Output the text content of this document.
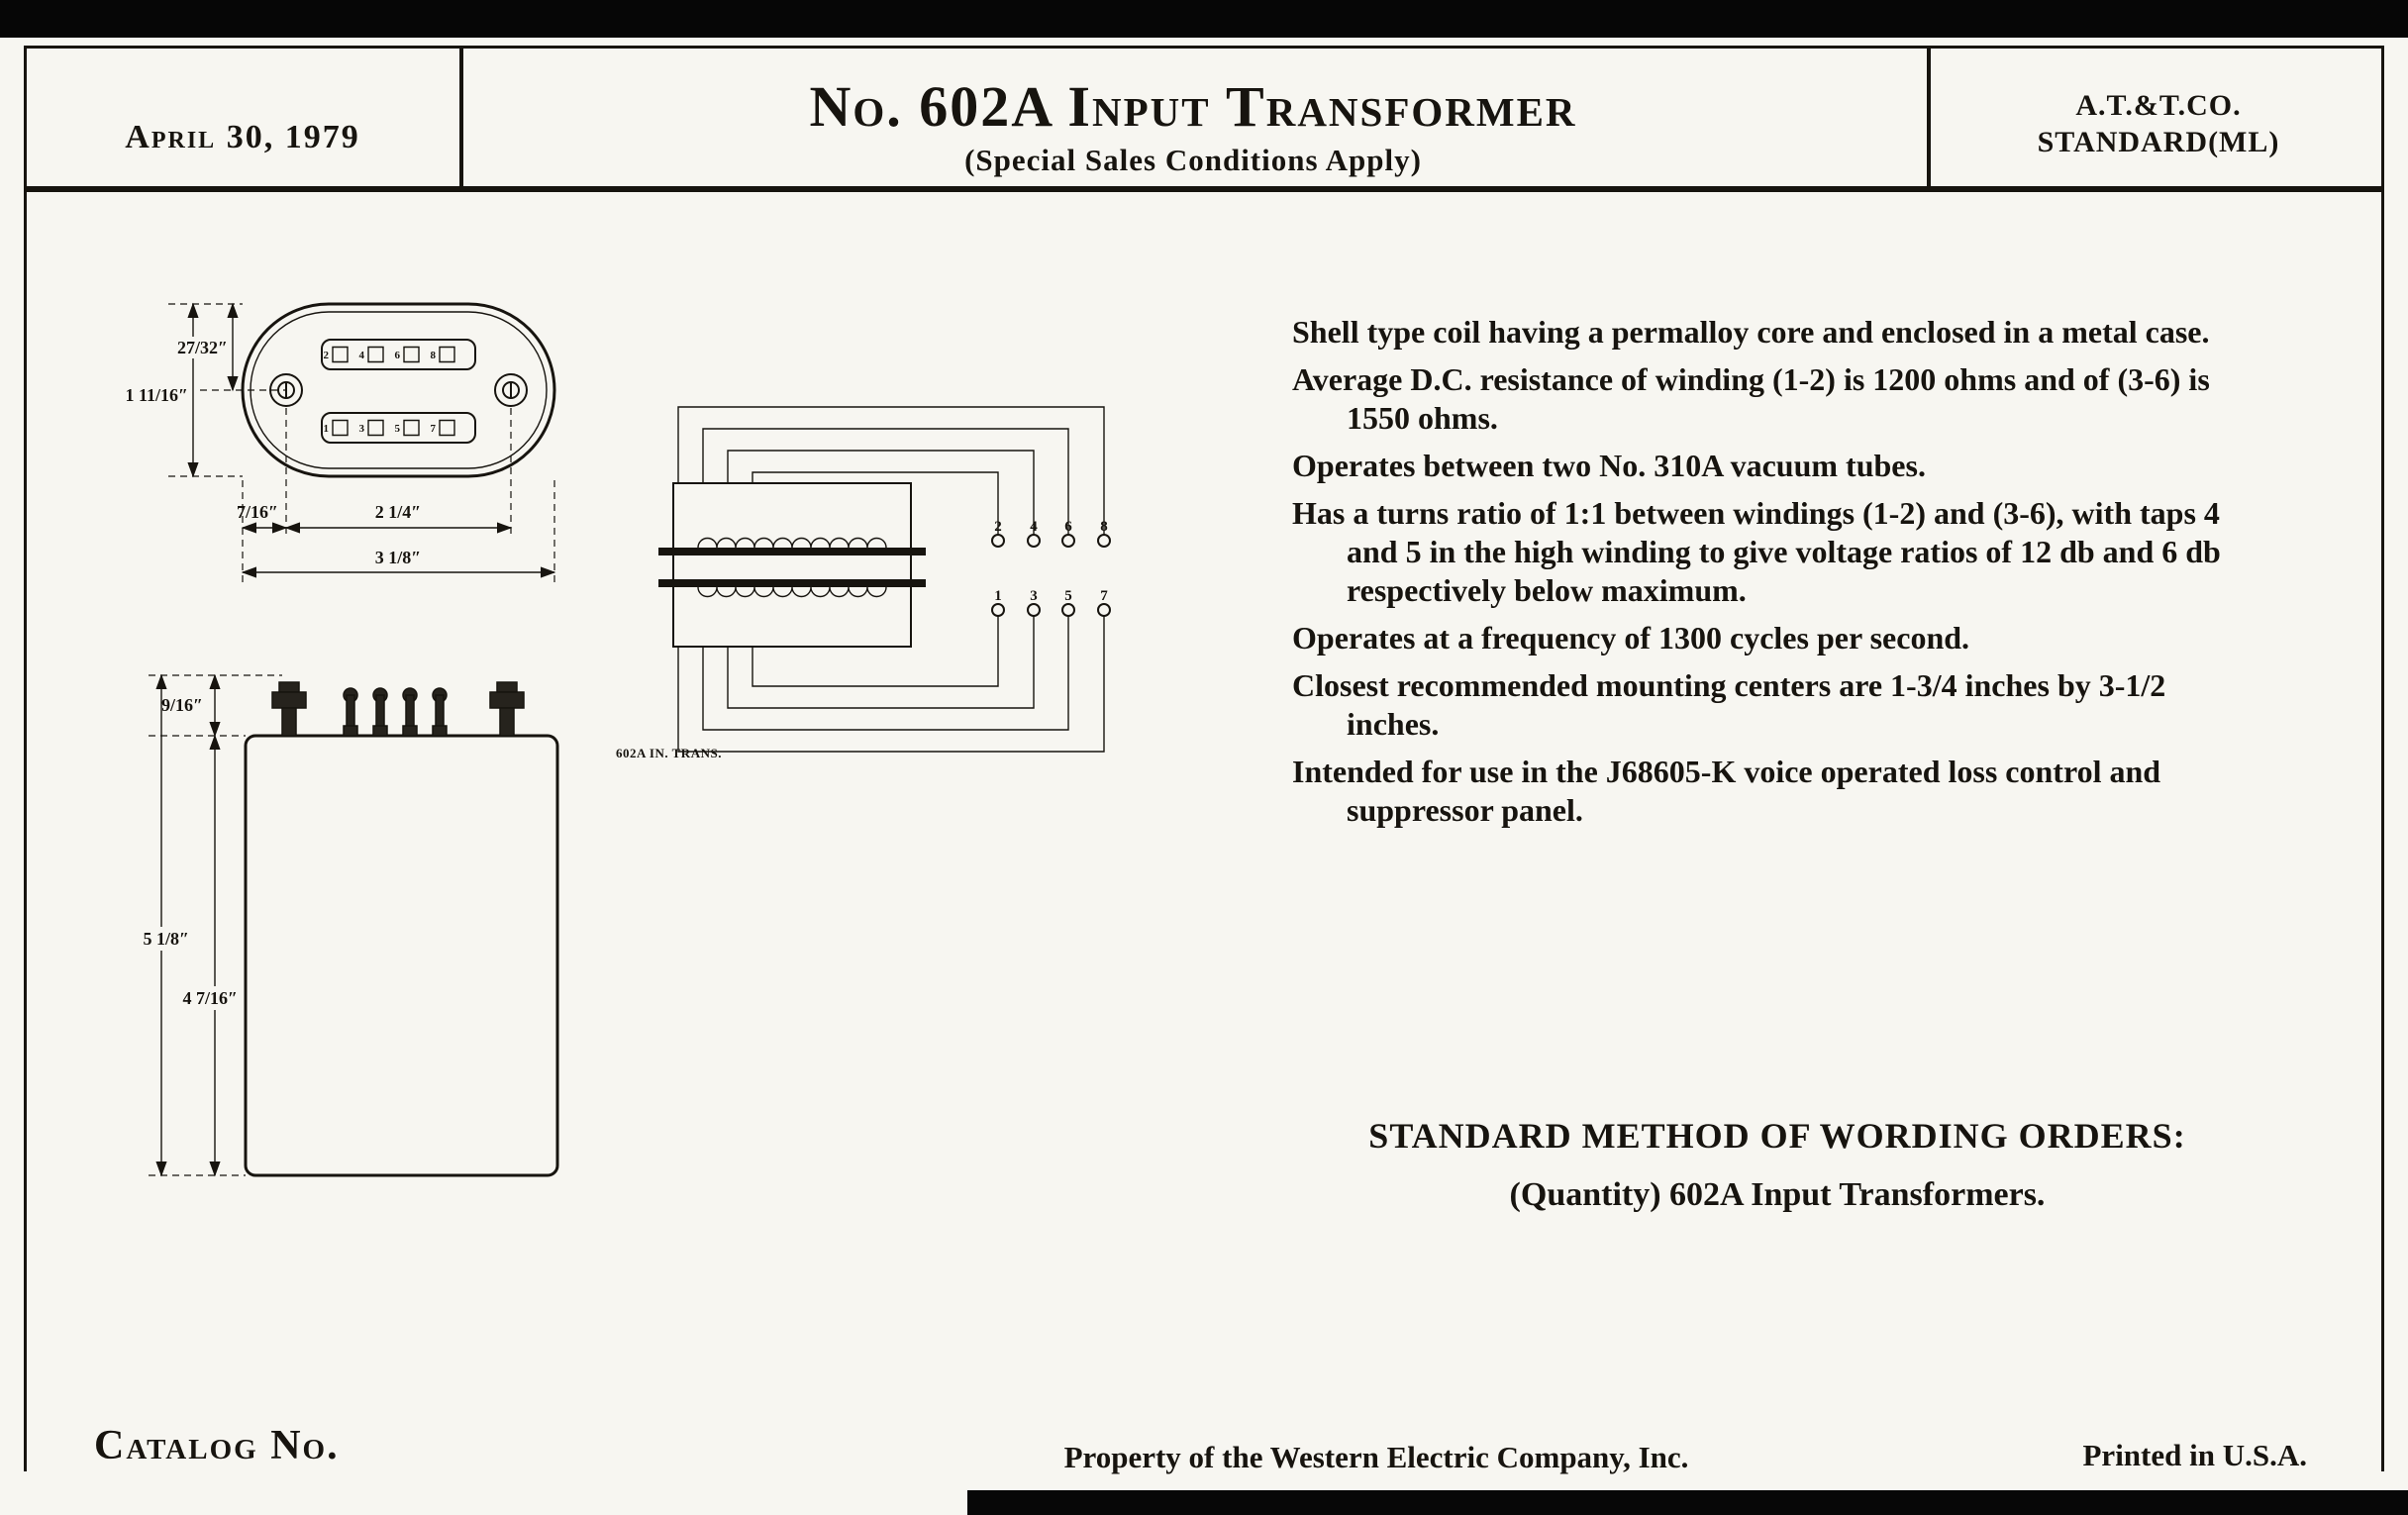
April 30, 1979	No. 602A Input Transformer
(Special Sales Conditions Apply)
A.T.&T.CO.
STANDARD(ML)

Shell type coil having a permalloy core and enclosed in a metal case.

Average D.C. resistance of winding (1-2) is 1200 ohms and of (3-6) is 1550 ohms.

Operates between two No. 310A vacuum tubes.

Has a turns ratio of 1:1 between windings (1-2) and (3-6), with taps 4 and 5 in the high winding to give voltage ratios of 12 db and 6 db respectively below maximum.

Operates at a frequency of 1300 cycles per second.

Closest recommended mounting centers are 1-3/4 inches by 3-1/2 inches.

Intended for use in the J68605-K voice operated loss control and suppressor panel.

STANDARD METHOD OF WORDING ORDERS:
(Quantity) 602A Input Transformers.
Catalog No.	Property of the Western Electric Company, Inc.	Printed in U.S.A.
2	4	6	8
1	3	5	7
27/32″
1 11/16″
7/16″	2 1/4″
3 1/8″
9/16″
5 1/8″
4 7/16″
2 4 6 8
1 3 5 7
602A IN. TRANS.
